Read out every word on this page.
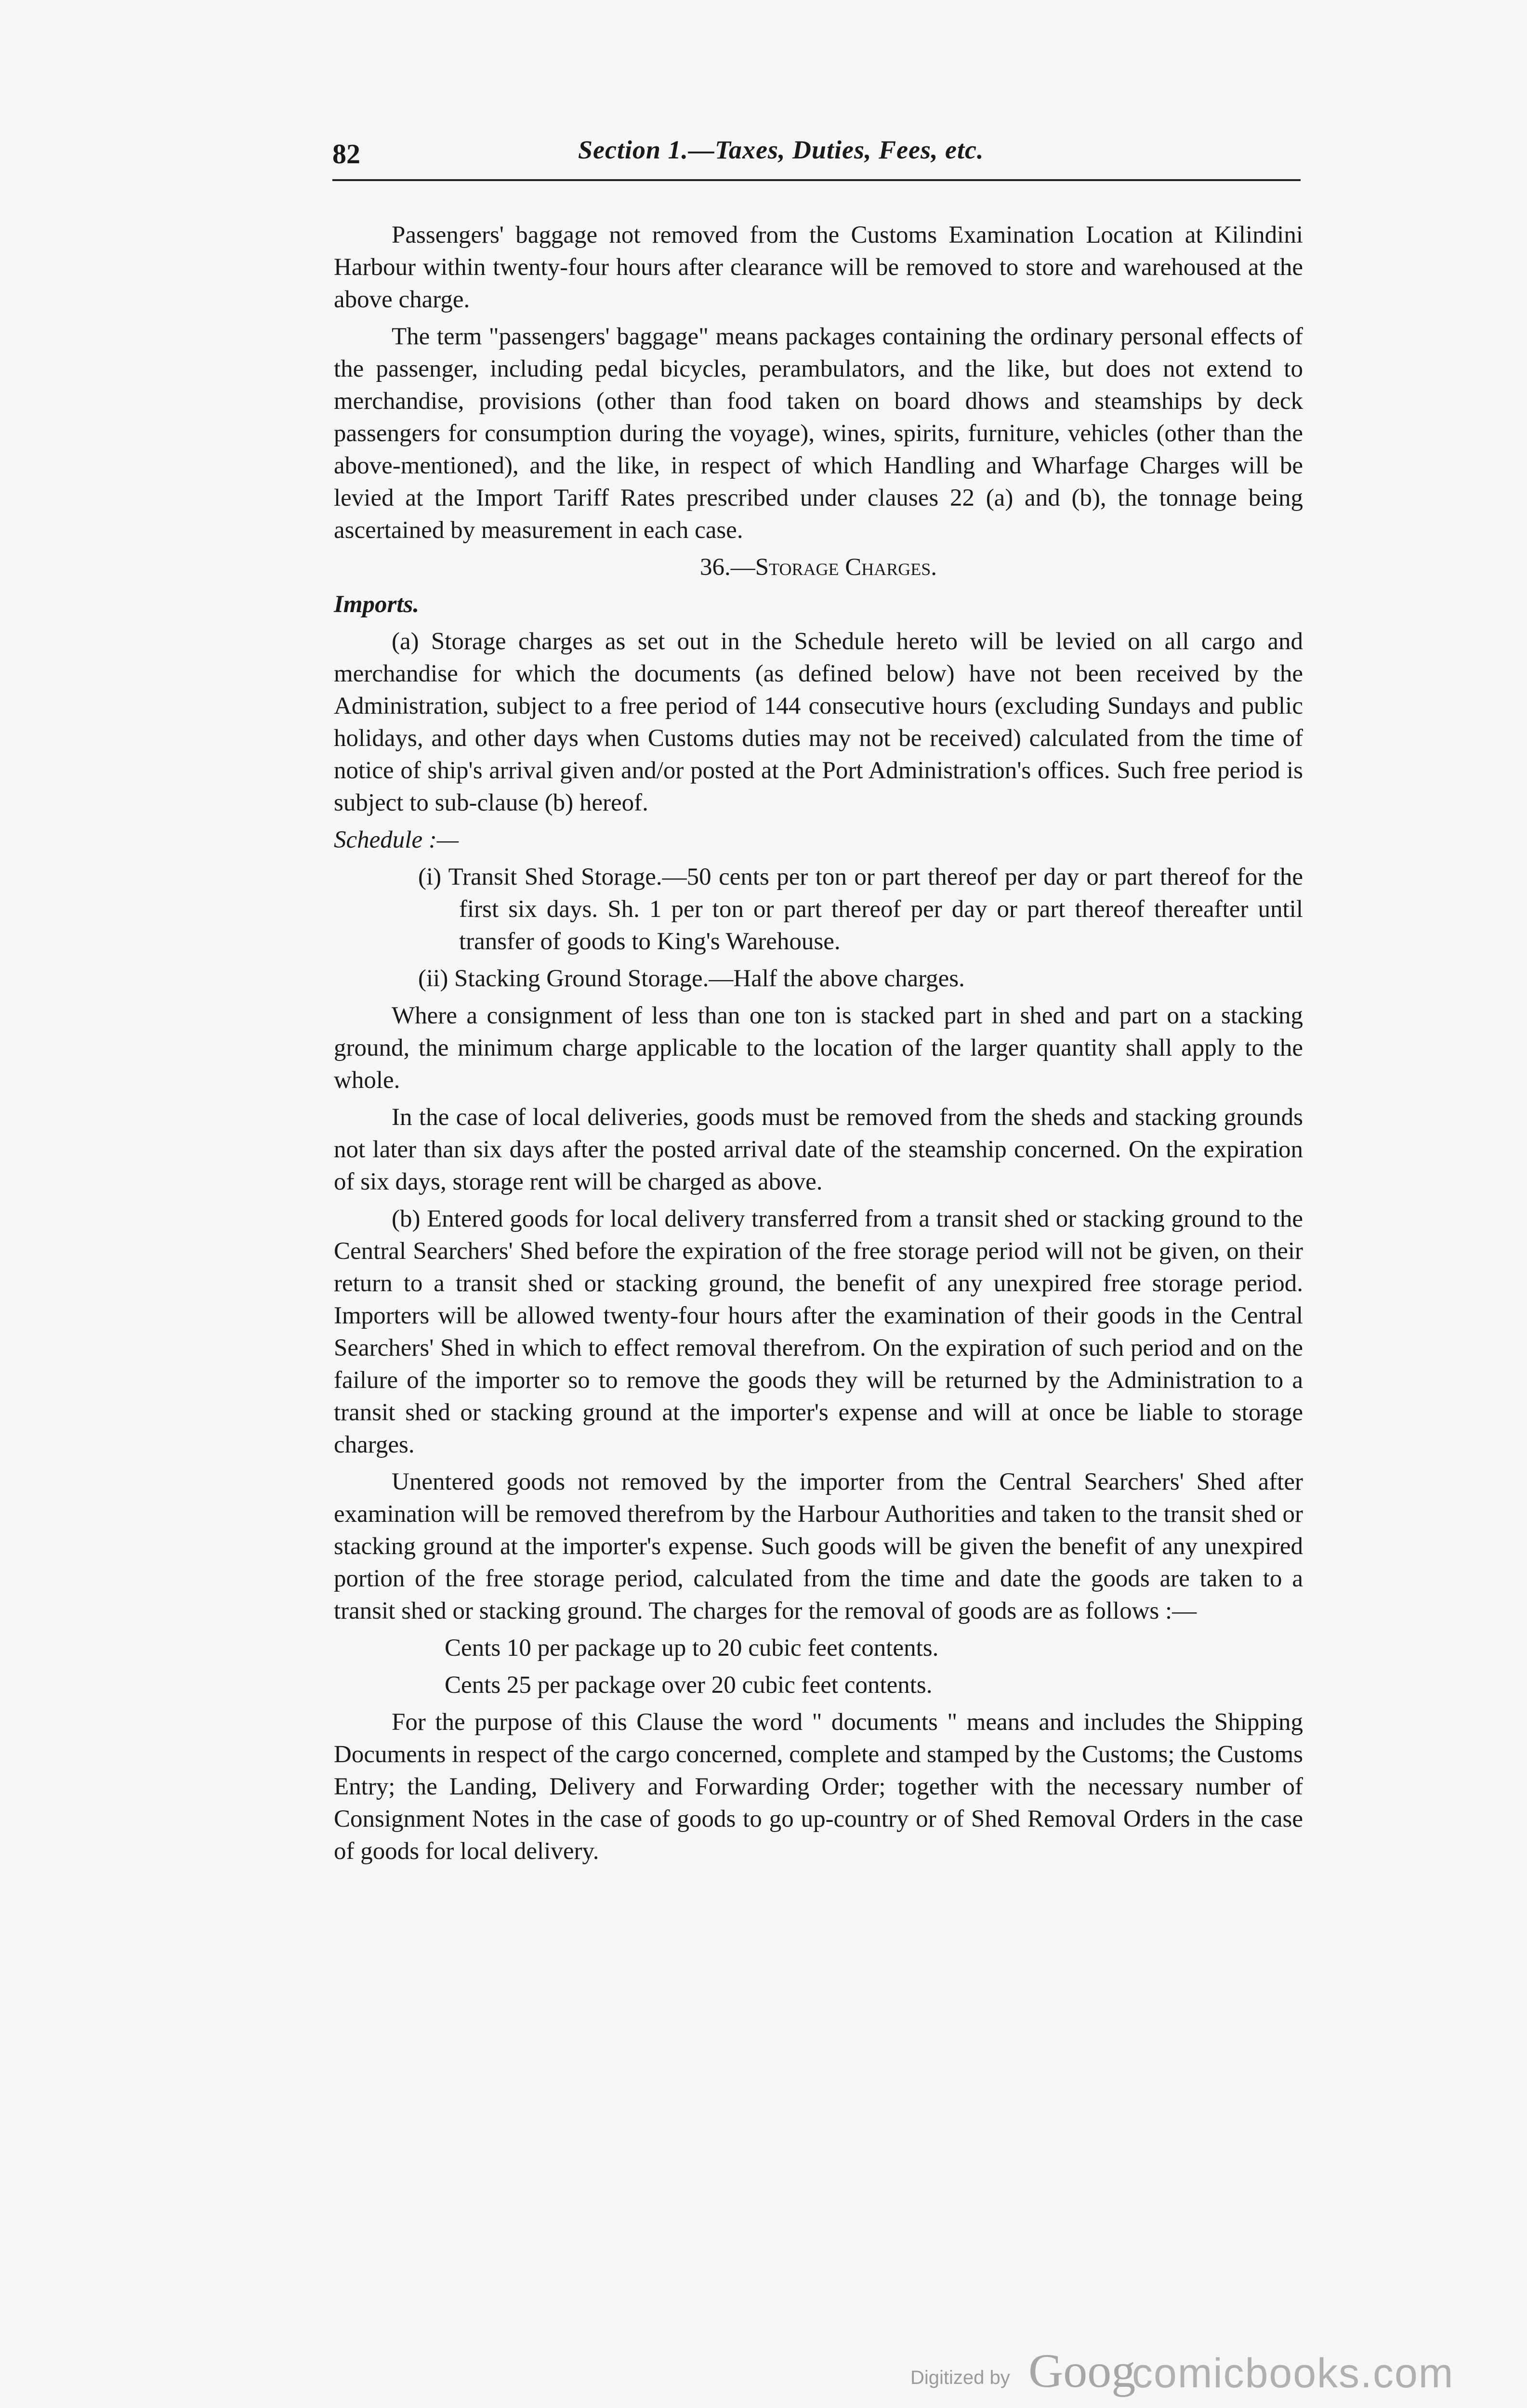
82	Section 1.—Taxes, Duties, Fees, etc.

Passengers' baggage not removed from the Customs Examination Location at Kilindini Harbour within twenty-four hours after clearance will be removed to store and warehoused at the above charge.

The term "passengers' baggage" means packages containing the ordinary personal effects of the passenger, including pedal bicycles, perambulators, and the like, but does not extend to merchandise, provisions (other than food taken on board dhows and steamships by deck passengers for consumption during the voyage), wines, spirits, furniture, vehicles (other than the above-mentioned), and the like, in respect of which Handling and Wharfage Charges will be levied at the Import Tariff Rates prescribed under clauses 22 (a) and (b), the tonnage being ascertained by measurement in each case.

36.—Storage Charges.

Imports.

(a) Storage charges as set out in the Schedule hereto will be levied on all cargo and merchandise for which the documents (as defined below) have not been received by the Administration, subject to a free period of 144 consecutive hours (excluding Sundays and public holidays, and other days when Customs duties may not be received) calculated from the time of notice of ship's arrival given and/or posted at the Port Administration's offices. Such free period is subject to sub-clause (b) hereof.

Schedule :—

(i) Transit Shed Storage.—50 cents per ton or part thereof per day or part thereof for the first six days. Sh. 1 per ton or part thereof per day or part thereof thereafter until transfer of goods to King's Warehouse.

(ii) Stacking Ground Storage.—Half the above charges.

Where a consignment of less than one ton is stacked part in shed and part on a stacking ground, the minimum charge applicable to the location of the larger quantity shall apply to the whole.

In the case of local deliveries, goods must be removed from the sheds and stacking grounds not later than six days after the posted arrival date of the steamship concerned. On the expiration of six days, storage rent will be charged as above.

(b) Entered goods for local delivery transferred from a transit shed or stacking ground to the Central Searchers' Shed before the expiration of the free storage period will not be given, on their return to a transit shed or stacking ground, the benefit of any unexpired free storage period. Importers will be allowed twenty-four hours after the examination of their goods in the Central Searchers' Shed in which to effect removal therefrom. On the expiration of such period and on the failure of the importer so to remove the goods they will be returned by the Administration to a transit shed or stacking ground at the importer's expense and will at once be liable to storage charges.

Unentered goods not removed by the importer from the Central Searchers' Shed after examination will be removed therefrom by the Harbour Authorities and taken to the transit shed or stacking ground at the importer's expense. Such goods will be given the benefit of any unexpired portion of the free storage period, calculated from the time and date the goods are taken to a transit shed or stacking ground. The charges for the removal of goods are as follows :—

Cents 10 per package up to 20 cubic feet contents.

Cents 25 per package over 20 cubic feet contents.

For the purpose of this Clause the word " documents " means and includes the Shipping Documents in respect of the cargo concerned, complete and stamped by the Customs; the Customs Entry; the Landing, Delivery and Forwarding Order; together with the necessary number of Consignment Notes in the case of goods to go up-country or of Shed Removal Orders in the case of goods for local delivery.

Digitized by Goog
comicbooks.com
